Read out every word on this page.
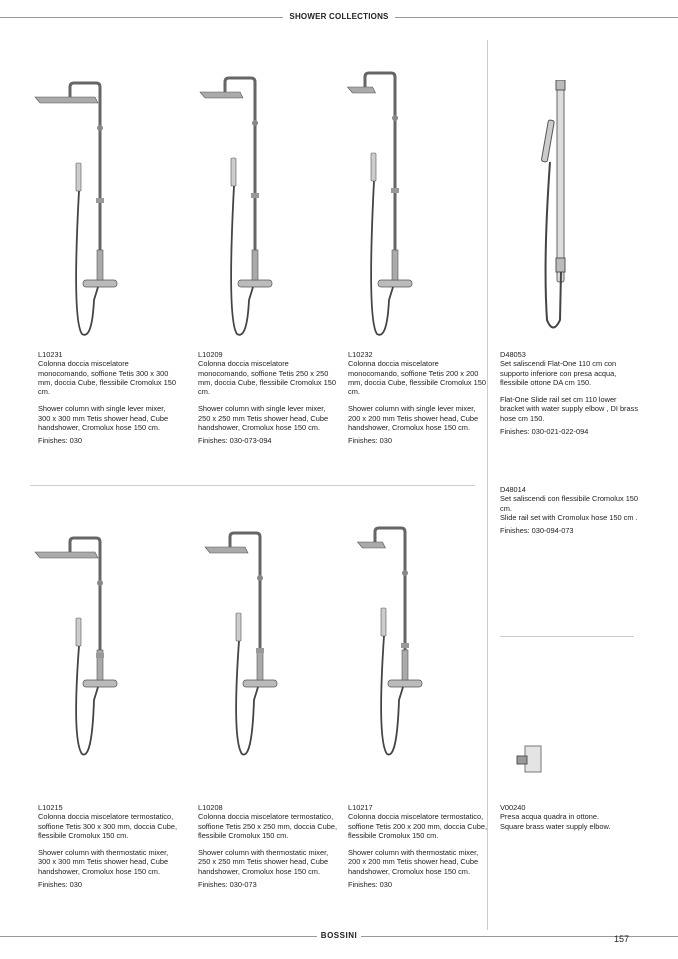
SHOWER COLLECTIONS
L10231
Colonna doccia miscelatore monocomando, soffione Tetis 300 x 300 mm, doccia Cube, flessibile Cromolux 150 cm.
Shower column with single lever mixer, 300 x 300 mm Tetis shower head, Cube handshower, Cromolux hose 150 cm.
Finishes: 030
L10209
Colonna doccia miscelatore monocomando, soffione Tetis 250 x 250 mm, doccia Cube, flessibile Cromolux 150 cm.
Shower column with single lever mixer, 250 x 250 mm Tetis shower head, Cube handshower, Cromolux hose 150 cm.
Finishes: 030-073-094
L10232
Colonna doccia miscelatore monocomando, soffione Tetis 200 x 200 mm, doccia Cube, flessibile Cromolux 150 cm.
Shower column with single lever mixer, 200 x 200 mm Tetis shower head, Cube handshower, Cromolux hose 150 cm.
Finishes: 030
L10215
Colonna doccia miscelatore termostatico, soffione Tetis 300 x 300 mm, doccia Cube, flessibile Cromolux 150 cm.
Shower column with thermostatic mixer, 300 x 300 mm Tetis shower head, Cube handshower, Cromolux hose 150 cm.
Finishes: 030
L10208
Colonna doccia miscelatore termostatico, soffione Tetis 250 x 250 mm, doccia Cube, flessibile Cromolux 150 cm.
Shower column with thermostatic mixer, 250 x 250 mm Tetis shower head, Cube handshower, Cromolux hose 150 cm.
Finishes: 030-073
L10217
Colonna doccia miscelatore termostatico, soffione Tetis 200 x 200 mm, doccia Cube, flessibile Cromolux 150 cm.
Shower column with thermostatic mixer, 200 x 200 mm Tetis shower head, Cube handshower, Cromolux hose 150 cm.
Finishes: 030
D48053
Set saliscendi Flat-One 110 cm con supporto inferiore con presa acqua, flessibile ottone DA cm 150.
Flat-One Slide rail set cm 110 lower bracket with water supply elbow , DI brass hose cm 150.
Finishes: 030-021-022-094
D48014
Set saliscendi con flessibile Cromolux 150 cm.
Slide rail set with Cromolux hose 150 cm .
Finishes: 030-094-073
V00240
Presa acqua quadra in ottone.
Square brass water supply elbow.
BOSSINI	157
